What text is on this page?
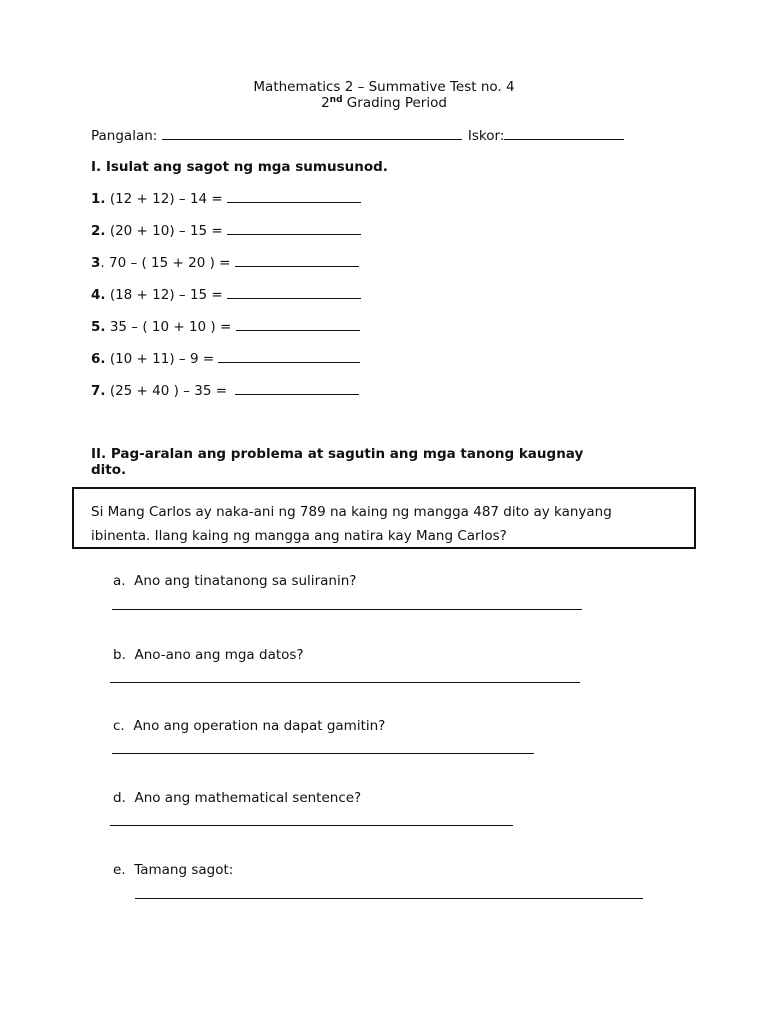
Mathematics 2 – Summative Test no. 4
2nd Grading Period
Pangalan:	Iskor:
I. Isulat ang sagot ng mga sumusunod.
1. (12 + 12) – 14 =
2. (20 + 10) – 15 =
3. 70 – ( 15 + 20 ) =
4. (18 + 12) – 15 =
5. 35 – ( 10 + 10 ) =
6. (10 + 11) – 9 =
7. (25 + 40 ) – 35 =
II. Pag-aralan ang problema at sagutin ang mga tanong kaugnay
dito.
Si Mang Carlos ay naka-ani ng 789 na kaing ng mangga 487 dito ay kanyang
ibinenta. Ilang kaing ng mangga ang natira kay Mang Carlos?
a. Ano ang tinatanong sa suliranin?
b. Ano-ano ang mga datos?
c. Ano ang operation na dapat gamitin?
d. Ano ang mathematical sentence?
e. Tamang sagot:
